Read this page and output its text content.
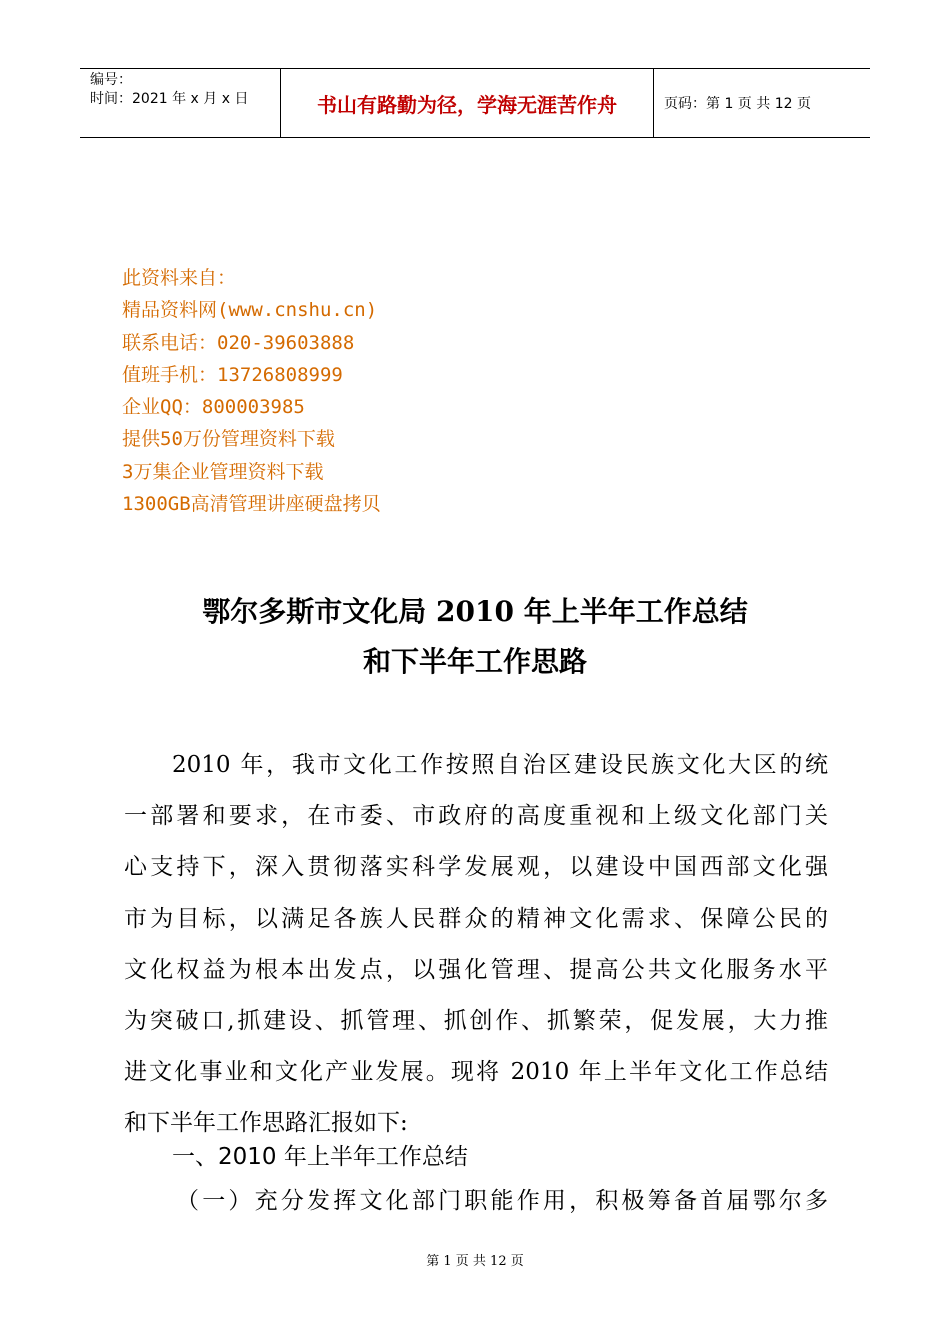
编号：
时间：2021 年 x 月 x 日	书山有路勤为径，学海无涯苦作舟	页码：第 1 页 共 12 页
此资料来自：
精品资料网(www.cnshu.cn)
联系电话：020-39603888
值班手机：13726808999
企业QQ：800003985
提供50万份管理资料下载
3万集企业管理资料下载
1300GB高清管理讲座硬盘拷贝
鄂尔多斯市文化局 2010 年上半年工作总结
和下半年工作思路
2010 年，我市文化工作按照自治区建设民族文化大区的统
一部署和要求，在市委、市政府的高度重视和上级文化部门关
心支持下，深入贯彻落实科学发展观，以建设中国西部文化强
市为目标，以满足各族人民群众的精神文化需求、保障公民的
文化权益为根本出发点，以强化管理、提高公共文化服务水平
为突破口,抓建设、抓管理、抓创作、抓繁荣，促发展，大力推
进文化事业和文化产业发展。现将 2010 年上半年文化工作总结
和下半年工作思路汇报如下:
一、2010 年上半年工作总结
（一）充分发挥文化部门职能作用，积极筹备首届鄂尔多
第 1 页 共 12 页
